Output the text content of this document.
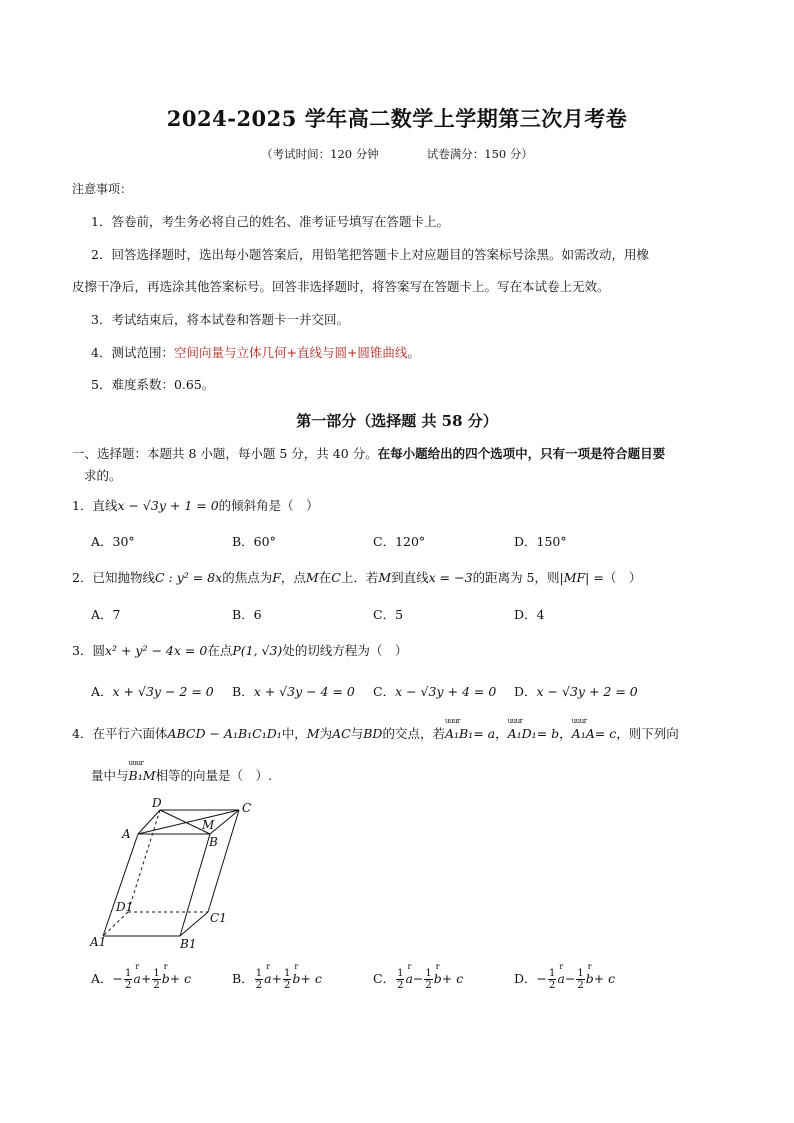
2024-2025 学年高二数学上学期第三次月考卷
（考试时间：120 分钟	试卷满分：150 分）
注意事项：
1．答卷前，考生务必将自己的姓名、准考证号填写在答题卡上。
2．回答选择题时，选出每小题答案后，用铅笔把答题卡上对应题目的答案标号涂黑。如需改动，用橡
皮擦干净后，再选涂其他答案标号。回答非选择题时，将答案写在答题卡上。写在本试卷上无效。
3．考试结束后，将本试卷和答题卡一并交回。
4．测试范围：空间向量与立体几何+直线与圆+圆锥曲线。
5．难度系数：0.65。
第一部分（选择题 共 58 分）
一、选择题：本题共 8 小题，每小题 5 分，共 40 分。在每小题给出的四个选项中，只有一项是符合题目要
求的。
1．直线x − √3y + 1 = 0的倾斜角是（　）
A．30°	B．60°	C．120°	D．150°
2．已知抛物线C : y² = 8x的焦点为F，点M在C上．若M到直线x = −3的距离为 5，则|MF| =（　）
A．7	B．6	C．5	D．4
3．圆x² + y² − 4x = 0在点P(1, √3)处的切线方程为（　）
A．x + √3y − 2 = 0 B．x + √3y − 4 = 0 C．x − √3y + 4 = 0 D．x − √3y + 2 = 0
4．在平行六面体ABCD − A₁B₁C₁D₁中，M为AC与BD的交点，若uuur A₁B₁= a，uuur A₁D₁= b，uuur A₁A= c，则下列向
量中与uuur B₁M相等的向量是（　）.
D	C
A
M
B
D1
C1
A1	B1
A．− $\frac{1}{2}$ r $a+ \frac{1}{2}$ r b+ c	B． $\frac{1}{2}$ r $a+ \frac{1}{2}$ r b+ c	C． $\frac{1}{2}$ r $a- \frac{1}{2}$ r b+ c	D．− $\frac{1}{2}$ r $a- \frac{1}{2}$ r b+ c
